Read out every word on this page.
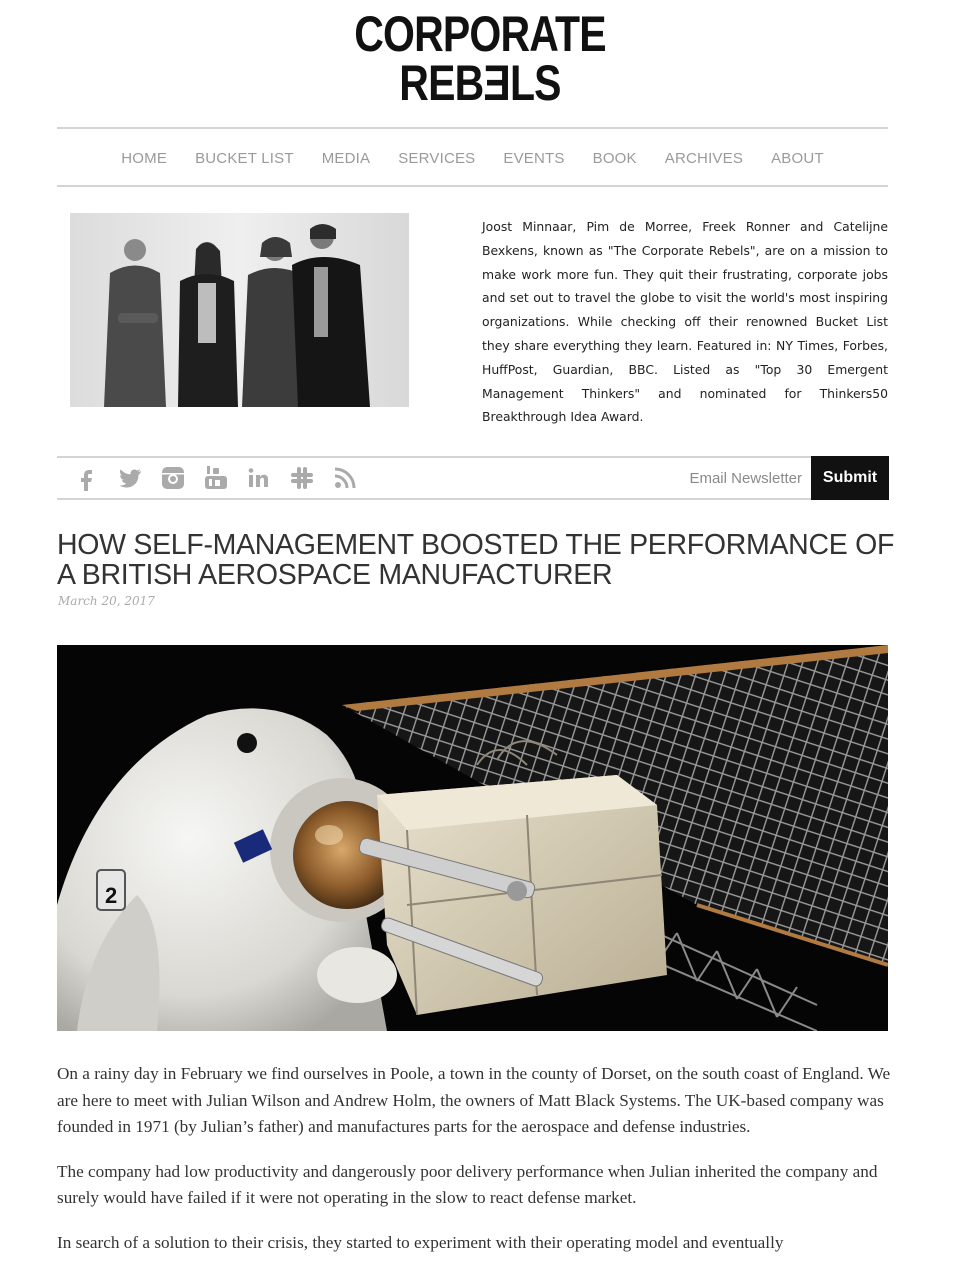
CORPORATE
REBƎLS
HOME BUCKET LIST MEDIA SERVICES EVENTS BOOK ARCHIVES ABOUT
Joost Minnaar, Pim de Morree, Freek Ronner and Catelijne Bexkens, known as "The Corporate Rebels", are on a mission to make work more fun. They quit their frustrating, corporate jobs and set out to travel the globe to visit the world's most inspiring organizations. While checking off their renowned Bucket List they share everything they learn. Featured in: NY Times, Forbes, HuffPost, Guardian, BBC. Listed as "Top 30 Emergent Management Thinkers" and nominated for Thinkers50 Breakthrough Idea Award.
Email Newsletter
Submit
HOW SELF-MANAGEMENT BOOSTED THE PERFORMANCE OF A BRITISH AEROSPACE MANUFACTURER
March 20, 2017
2

On a rainy day in February we find ourselves in Poole, a town in the county of Dorset, on the south coast of England. We are here to meet with Julian Wilson and Andrew Holm, the owners of Matt Black Systems. The UK-based company was founded in 1971 (by Julian’s father) and manufactures parts for the aerospace and defense industries.

The company had low productivity and dangerously poor delivery performance when Julian inherited the company and surely would have failed if it were not operating in the slow to react defense market.

In search of a solution to their crisis, they started to experiment with their operating model and eventually
